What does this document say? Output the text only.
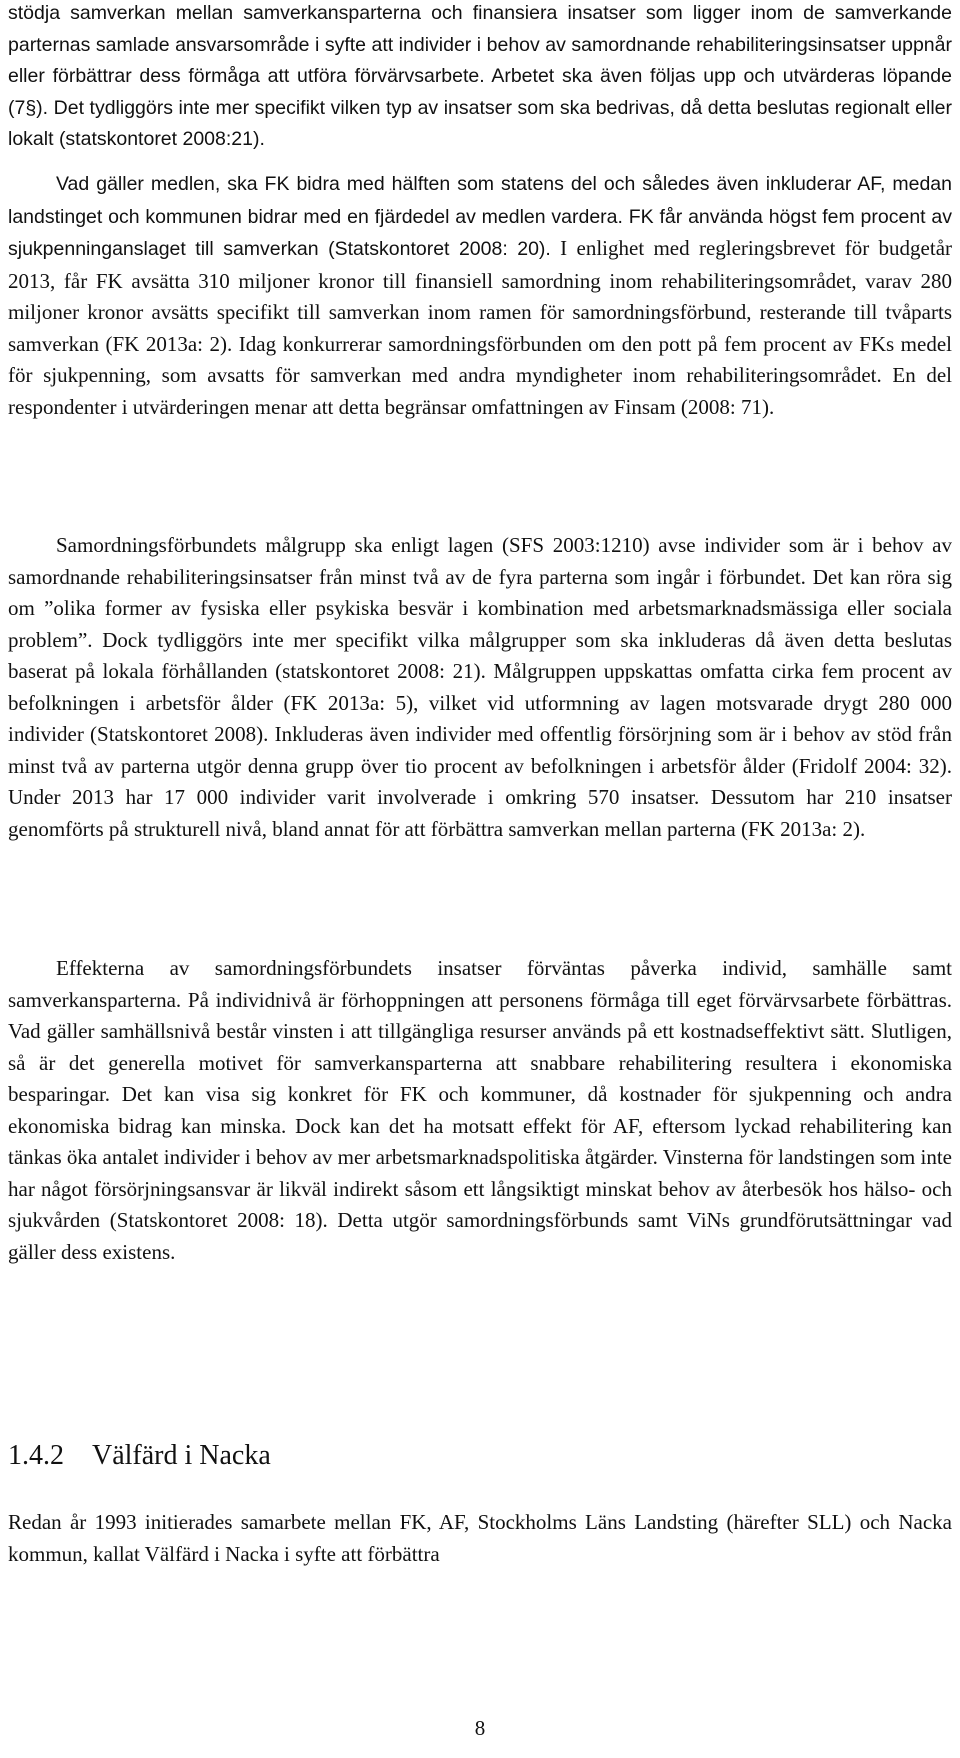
stödja samverkan mellan samverkansparterna och finansiera insatser som ligger inom de samverkande parternas samlade ansvarsområde i syfte att individer i behov av samordnande rehabiliteringsinsatser uppnår eller förbättrar dess förmåga att utföra förvärvsarbete. Arbetet ska även följas upp och utvärderas löpande (7§). Det tydliggörs inte mer specifikt vilken typ av insatser som ska bedrivas, då detta beslutas regionalt eller lokalt (statskontoret 2008:21).

Vad gäller medlen, ska FK bidra med hälften som statens del och således även inkluderar AF, medan landstinget och kommunen bidrar med en fjärdedel av medlen vardera. FK får använda högst fem procent av sjukpenninganslaget till samverkan (Statskontoret 2008: 20). I enlighet med regleringsbrevet för budgetår 2013, får FK avsätta 310 miljoner kronor till finansiell samordning inom rehabiliteringsområdet, varav 280 miljoner kronor avsätts specifikt till samverkan inom ramen för samordningsförbund, resterande till tvåparts samverkan (FK 2013a: 2). Idag konkurrerar samordningsförbunden om den pott på fem procent av FKs medel för sjukpenning, som avsatts för samverkan med andra myndigheter inom rehabiliteringsområdet. En del respondenter i utvärderingen menar att detta begränsar omfattningen av Finsam (2008: 71).

Samordningsförbundets målgrupp ska enligt lagen (SFS 2003:1210) avse individer som är i behov av samordnande rehabiliteringsinsatser från minst två av de fyra parterna som ingår i förbundet. Det kan röra sig om ”olika former av fysiska eller psykiska besvär i kombination med arbetsmarknadsmässiga eller sociala problem”. Dock tydliggörs inte mer specifikt vilka målgrupper som ska inkluderas då även detta beslutas baserat på lokala förhållanden (statskontoret 2008: 21). Målgruppen uppskattas omfatta cirka fem procent av befolkningen i arbetsför ålder (FK 2013a: 5), vilket vid utformning av lagen motsvarade drygt 280 000 individer (Statskontoret 2008). Inkluderas även individer med offentlig försörjning som är i behov av stöd från minst två av parterna utgör denna grupp över tio procent av befolkningen i arbetsför ålder (Fridolf 2004: 32). Under 2013 har 17 000 individer varit involverade i omkring 570 insatser. Dessutom har 210 insatser genomförts på strukturell nivå, bland annat för att förbättra samverkan mellan parterna (FK 2013a: 2).

Effekterna av samordningsförbundets insatser förväntas påverka individ, samhälle samt samverkansparterna. På individnivå är förhoppningen att personens förmåga till eget förvärvsarbete förbättras. Vad gäller samhällsnivå består vinsten i att tillgängliga resurser används på ett kostnadseffektivt sätt. Slutligen, så är det generella motivet för samverkansparterna att snabbare rehabilitering resultera i ekonomiska besparingar. Det kan visa sig konkret för FK och kommuner, då kostnader för sjukpenning och andra ekonomiska bidrag kan minska. Dock kan det ha motsatt effekt för AF, eftersom lyckad rehabilitering kan tänkas öka antalet individer i behov av mer arbetsmarknadspolitiska åtgärder. Vinsterna för landstingen som inte har något försörjningsansvar är likväl indirekt såsom ett långsiktigt minskat behov av återbesök hos hälso- och sjukvården (Statskontoret 2008: 18). Detta utgör samordningsförbunds samt ViNs grundförutsättningar vad gäller dess existens.

1.4.2 Välfärd i Nacka

Redan år 1993 initierades samarbete mellan FK, AF, Stockholms Läns Landsting (härefter SLL) och Nacka kommun, kallat Välfärd i Nacka i syfte att förbättra

8
